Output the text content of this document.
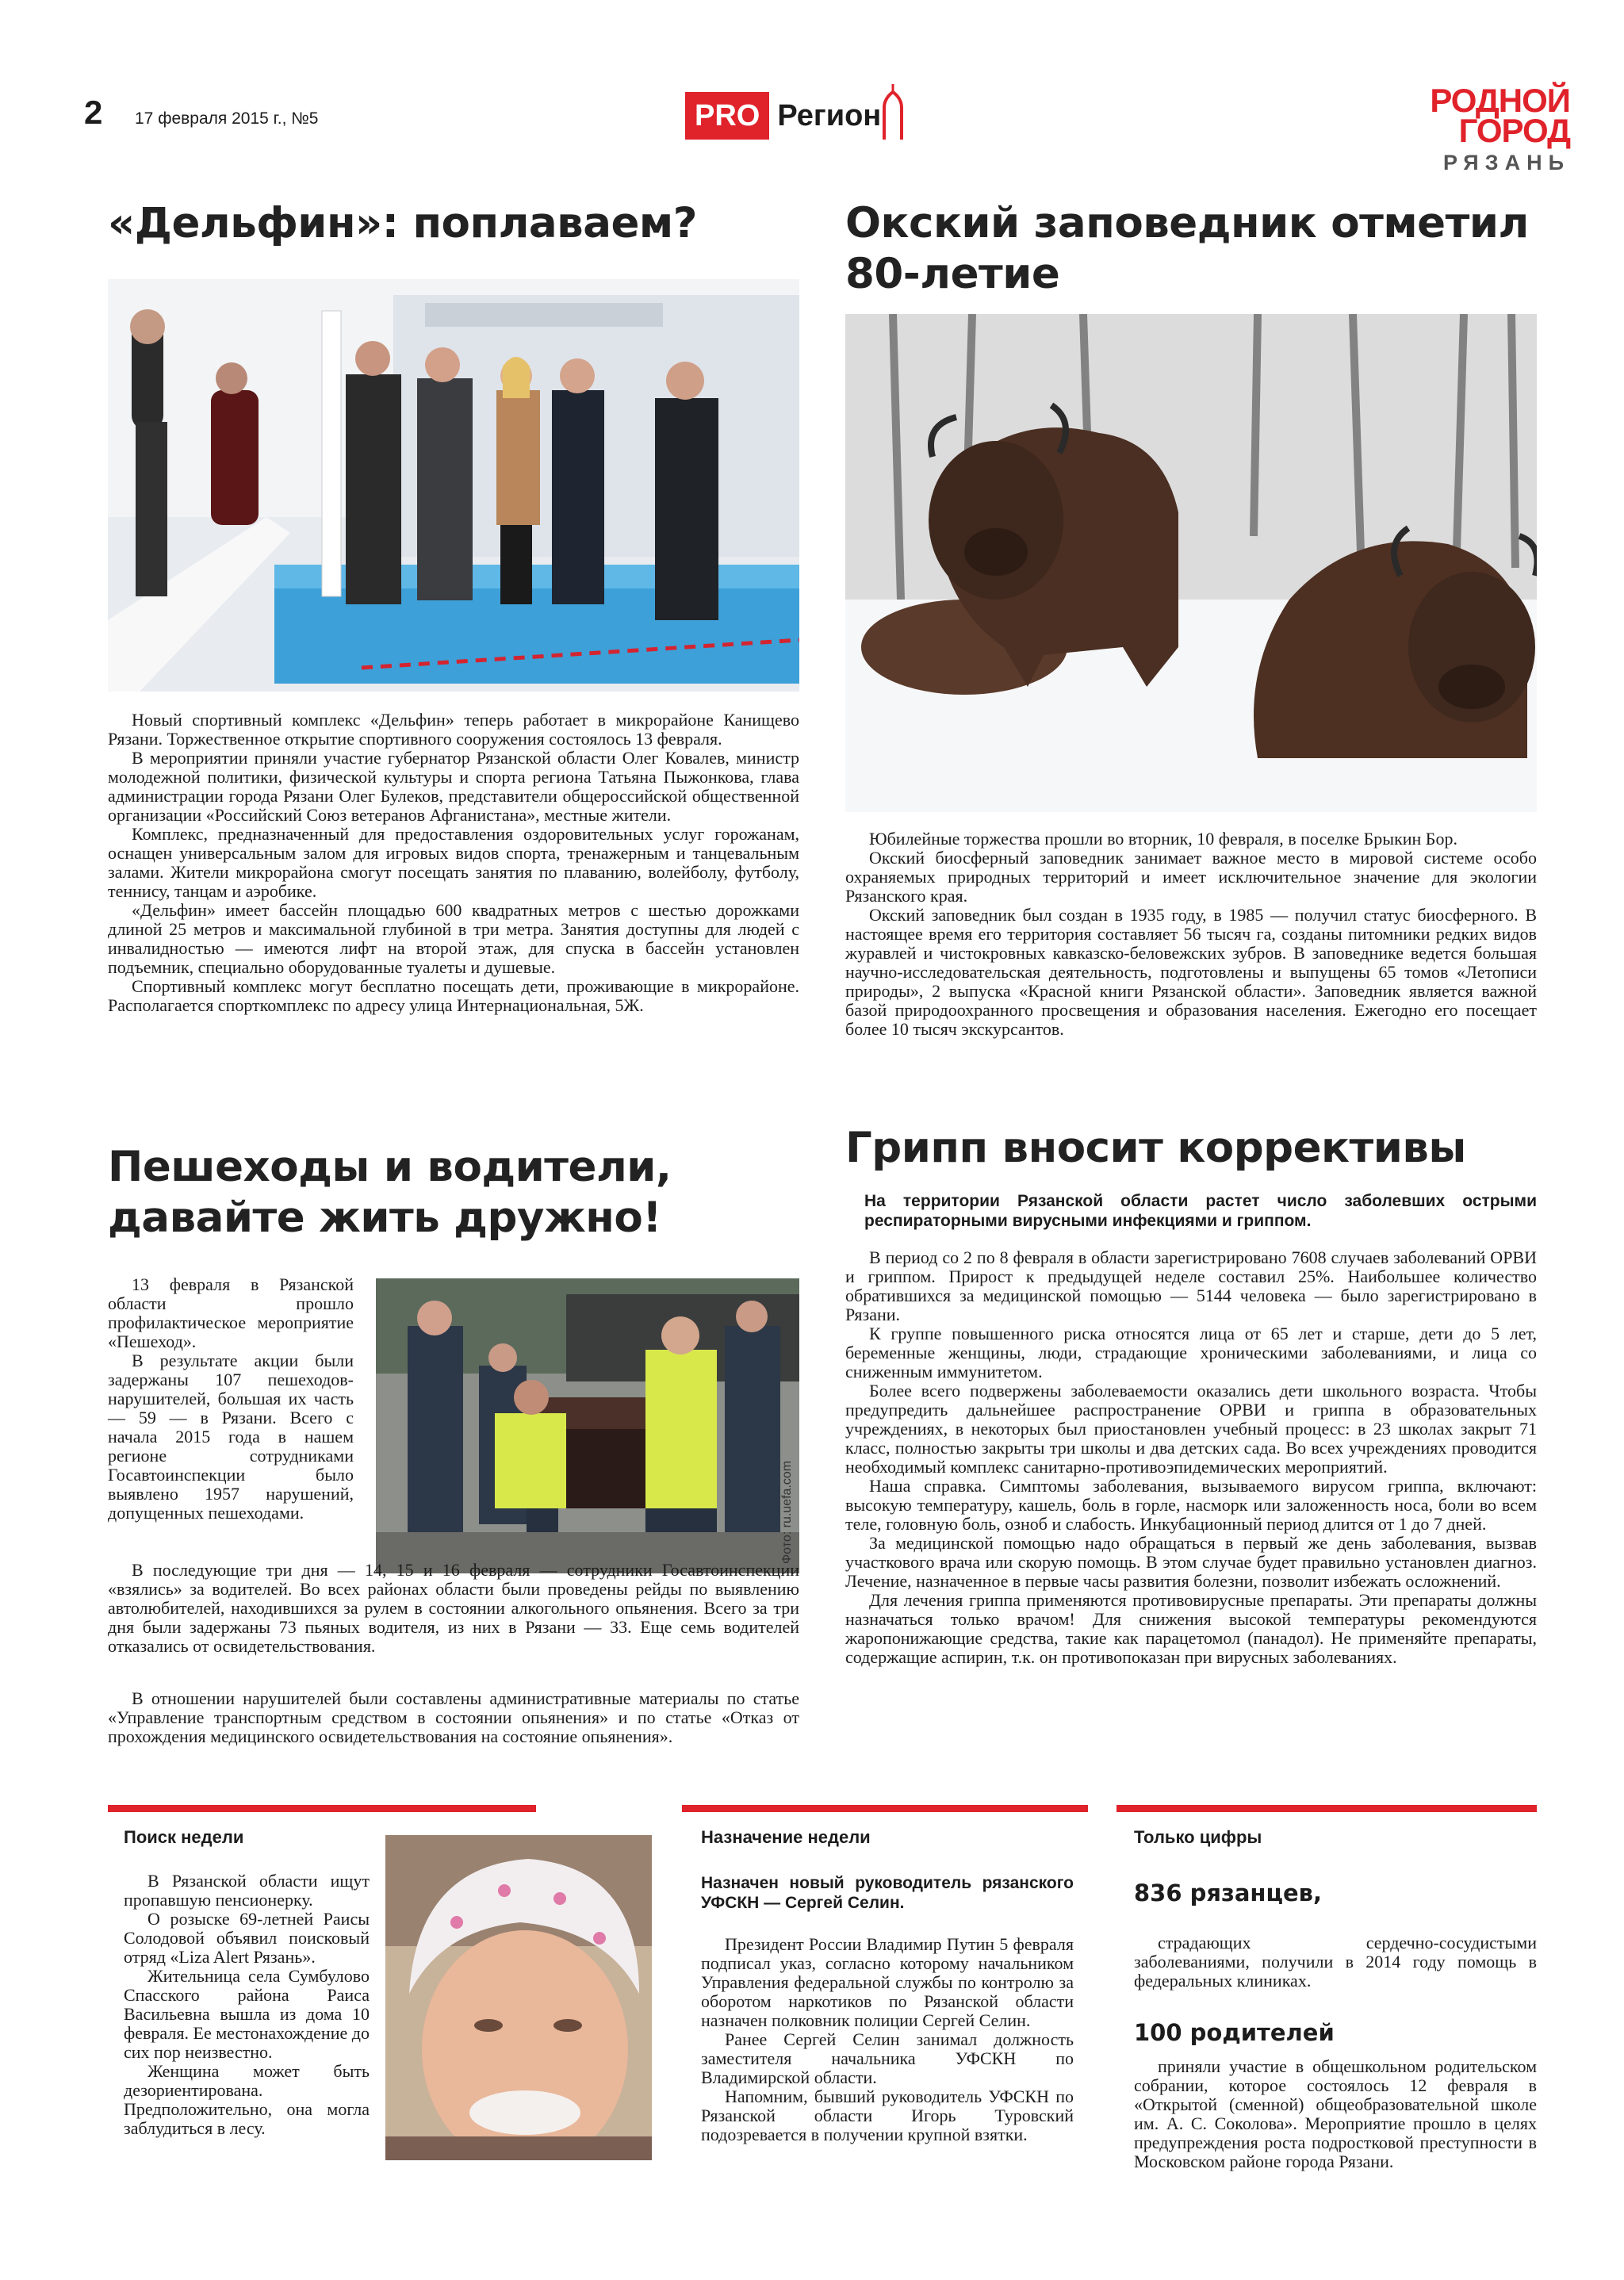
2 17 февраля 2015 г., №5	PRO Регион	РОДНОЙ
ГОРОД
РЯЗАНЬ
«Дельфин»: поплаваем?

Новый спортивный комплекс «Дельфин» теперь работает в микрорайоне Канищево Рязани. Торжественное открытие спортивного сооружения состоялось 13 февраля.

В мероприятии приняли участие губернатор Рязанской области Олег Ковалев, министр молодежной политики, физической культуры и спорта региона Татьяна Пыжонкова, глава администрации города Рязани Олег Булеков, представители общероссийской общественной организации «Российский Союз ветеранов Афганистана», местные жители.

Комплекс, предназначенный для предоставления оздоровительных услуг горожанам, оснащен универсальным залом для игровых видов спорта, тренажерным и танцевальным залами. Жители микрорайона смогут посещать занятия по плаванию, волейболу, футболу, теннису, танцам и аэробике.

«Дельфин» имеет бассейн площадью 600 квадратных метров с шестью дорожками длиной 25 метров и максимальной глубиной в три метра. Занятия доступны для людей с инвалидностью — имеются лифт на второй этаж, для спуска в бассейн установлен подъемник, специально оборудованные туалеты и душевые.

Спортивный комплекс могут бесплатно посещать дети, проживающие в микрорайоне. Располагается спорткомплекс по адресу улица Интернациональная, 5Ж.

Окский заповедник отметил
80-летие

Юбилейные торжества прошли во вторник, 10 февраля, в поселке Брыкин Бор.

Окский биосферный заповедник занимает важное место в мировой системе особо охраняемых природных территорий и имеет исключительное значение для экологии Рязанского края.

Окский заповедник был создан в 1935 году, в 1985 — получил статус биосферного. В настоящее время его территория составляет 56 тысяч га, созданы питомники редких видов журавлей и чистокровных кавказско-беловежских зубров. В заповеднике ведется большая научно-исследовательская деятельность, подготовлены и выпущены 65 томов «Летописи природы», 2 выпуска «Красной книги Рязанской области». Заповедник является важной базой природоохранного просвещения и образования населения. Ежегодно его посещает более 10 тысяч экскурсантов.

Пешеходы и водители,
давайте жить дружно!

13 февраля в Рязанской области прошло профилактическое мероприятие «Пешеход».

В результате акции были задержаны 107 пешеходов-нарушителей, большая их часть — 59 — в Рязани. Всего с начала 2015 года в нашем регионе сотрудниками Госавтоинспекции было выявлено 1957 нарушений, допущенных пешеходами.	Фото: ru.uefa.com

В последующие три дня — 14, 15 и 16 февраля — сотрудники Госавтоинспекции «взялись» за водителей. Во всех районах области были проведены рейды по выявлению автолюбителей, находившихся за рулем в состоянии алкогольного опьянения. Всего за три дня были задержаны 73 пьяных водителя, из них в Рязани — 33. Еще семь водителей отказались от освидетельствования.

В отношении нарушителей были составлены административные материалы по статье «Управление транспортным средством в состоянии опьянения» и по статье «Отказ от прохождения медицинского освидетельствования на состояние опьянения».

Грипп вносит коррективы
На территории Рязанской области растет число заболевших острыми респираторными вирусными инфекциями и гриппом.

В период со 2 по 8 февраля в области зарегистрировано 7608 случаев заболеваний ОРВИ и гриппом. Прирост к предыдущей неделе составил 25%. Наибольшее количество обратившихся за медицинской помощью — 5144 человека — было зарегистрировано в Рязани.

К группе повышенного риска относятся лица от 65 лет и старше, дети до 5 лет, беременные женщины, люди, страдающие хроническими заболеваниями, и лица со сниженным иммунитетом.

Более всего подвержены заболеваемости оказались дети школьного возраста. Чтобы предупредить дальнейшее распространение ОРВИ и гриппа в образовательных учреждениях, в некоторых был приостановлен учебный процесс: в 23 школах закрыт 71 класс, полностью закрыты три школы и два детских сада. Во всех учреждениях проводится необходимый комплекс санитарно-противоэпидемических мероприятий.

Наша справка. Симптомы заболевания, вызываемого вирусом гриппа, включают: высокую температуру, кашель, боль в горле, насморк или заложенность носа, боли во всем теле, головную боль, озноб и слабость. Инкубационный период длится от 1 до 7 дней.

За медицинской помощью надо обращаться в первый же день заболевания, вызвав участкового врача или скорую помощь. В этом случае будет правильно установлен диагноз. Лечение, назначенное в первые часы развития болезни, позволит избежать осложнений.

Для лечения гриппа применяются противовирусные препараты. Эти препараты должны назначаться только врачом! Для снижения высокой температуры рекомендуются жаропонижающие средства, такие как парацетомол (панадол). Не применяйте препараты, содержащие аспирин, т.к. он противопоказан при вирусных заболеваниях.

Поиск недели

В Рязанской области ищут пропавшую пенсионерку.

О розыске 69-летней Раисы Солодовой объявил поисковый отряд «Liza Alert Рязань».

Жительница села Сумбулово Спасского района Раиса Васильевна вышла из дома 10 февраля. Ее местонахождение до сих пор неизвестно.

Женщина может быть дезориентирована. Предположительно, она могла заблудиться в лесу.

Назначение недели
Назначен новый руководитель рязанского УФСКН — Сергей Селин.

Президент России Владимир Путин 5 февраля подписал указ, согласно которому начальником Управления федеральной службы по контролю за оборотом наркотиков по Рязанской области назначен полковник полиции Сергей Селин.

Ранее Сергей Селин занимал должность заместителя начальника УФСКН по Владимирской области.

Напомним, бывший руководитель УФСКН по Рязанской области Игорь Туровский подозревается в получении крупной взятки.

Только цифры
836 рязанцев,

страдающих сердечно-сосудистыми заболеваниями, получили в 2014 году помощь в федеральных клиниках.

100 родителей

приняли участие в общешкольном родительском собрании, которое состоялось 12 февраля в «Открытой (сменной) общеобразовательной школе им. А. С. Соколова». Мероприятие прошло в целях предупреждения роста подростковой преступности в Московском районе города Рязани.
